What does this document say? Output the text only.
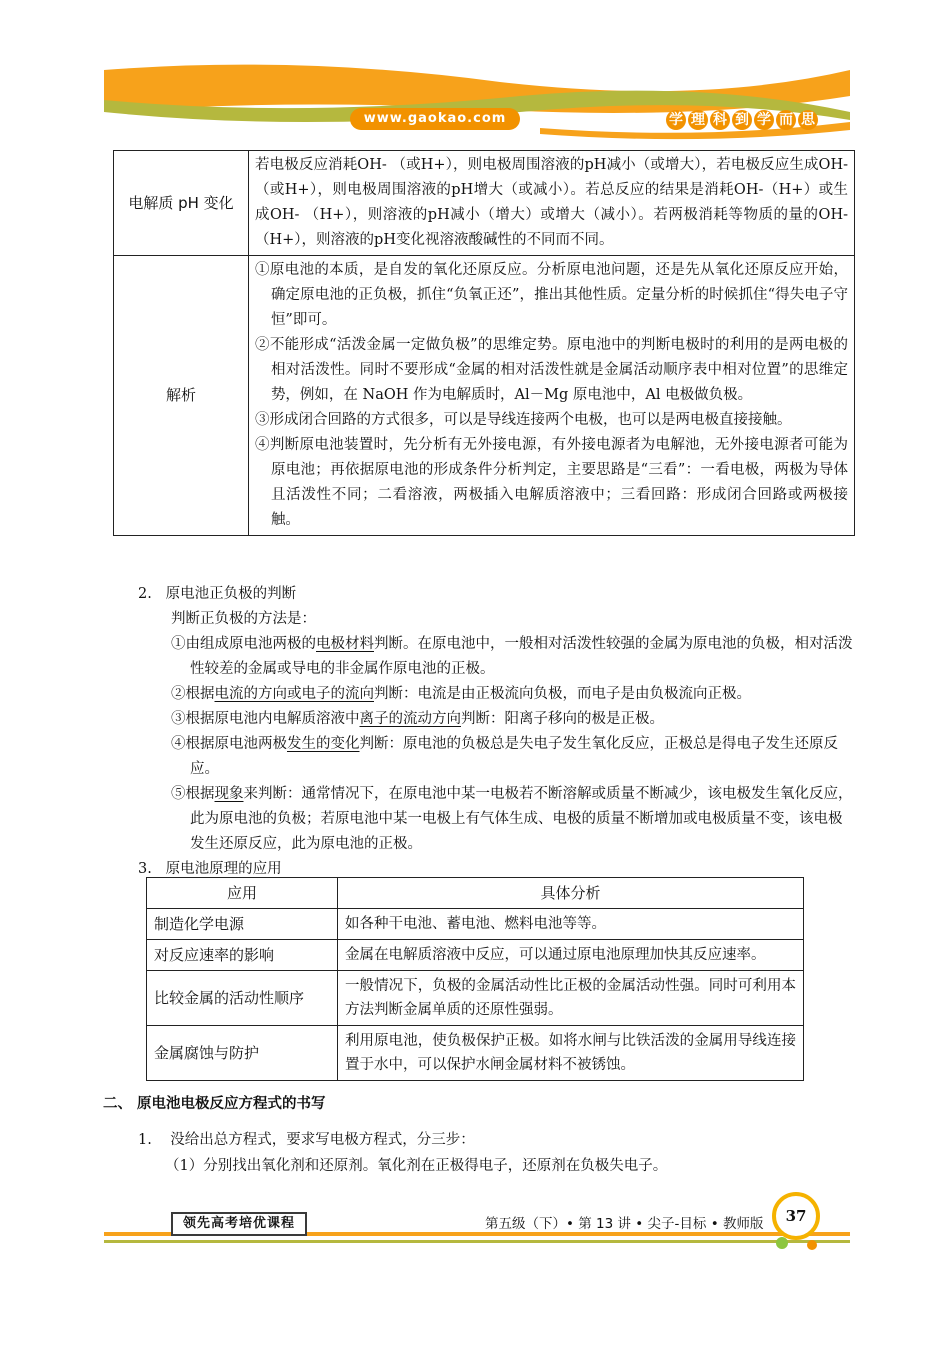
www.gaokao.com	学理科到学而思
电解质 pH 变化	若电极反应消耗OH- （或H+），则电极周围溶液的pH减小（或增大），若电极反应生成OH-（或H+），则电极周围溶液的pH增大（或减小）。若总反应的结果是消耗OH-（H+）或生成OH- （H+），则溶液的pH减小（增大）或增大（减小）。若两极消耗等物质的量的OH- （H+），则溶液的pH变化视溶液酸碱性的不同而不同。

解析	①原电池的本质，是自发的氧化还原反应。分析原电池问题，还是先从氧化还原反应开始，确定原电池的正负极，抓住“负氧正还”，推出其他性质。定量分析的时候抓住“得失电子守恒”即可。
②不能形成“活泼金属一定做负极”的思维定势。原电池中的判断电极时的利用的是两电极的相对活泼性。同时不要形成“金属的相对活泼性就是金属活动顺序表中相对位置”的思维定势，例如，在 NaOH 作为电解质时，Al－Mg 原电池中，Al 电极做负极。
③形成闭合回路的方式很多，可以是导线连接两个电极，也可以是两电极直接接触。
④判断原电池装置时，先分析有无外接电源，有外接电源者为电解池，无外接电源者可能为原电池；再依据原电池的形成条件分析判定，主要思路是“三看”：一看电极，两极为导体且活泼性不同；二看溶液，两极插入电解质溶液中；三看回路：形成闭合回路或两极接触。
2. 原电池正负极的判断
判断正负极的方法是：
①由组成原电池两极的电极材料判断。在原电池中，一般相对活泼性较强的金属为原电池的负极，相对活泼性较差的金属或导电的非金属作原电池的正极。
②根据电流的方向或电子的流向判断：电流是由正极流向负极，而电子是由负极流向正极。
③根据原电池内电解质溶液中离子的流动方向判断：阳离子移向的极是正极。
④根据原电池两极发生的变化判断：原电池的负极总是失电子发生氧化反应，正极总是得电子发生还原反应。
⑤根据现象来判断：通常情况下，在原电池中某一电极若不断溶解或质量不断减少，该电极发生氧化反应，此为原电池的负极；若原电池中某一电极上有气体生成、电极的质量不断增加或电极质量不变，该电极发生还原反应，此为原电池的正极。
3. 原电池原理的应用
应用	具体分析
制造化学电源	如各种干电池、蓄电池、燃料电池等等。
对反应速率的影响	金属在电解质溶液中反应，可以通过原电池原理加快其反应速率。
比较金属的活动性顺序	一般情况下，负极的金属活动性比正极的金属活动性强。同时可利用本方法判断金属单质的还原性强弱。
金属腐蚀与防护	利用原电池，使负极保护正极。如将水闸与比铁活泼的金属用导线连接置于水中，可以保护水闸金属材料不被锈蚀。
二、 原电池电极反应方程式的书写
1. 没给出总方程式，要求写电极方程式，分三步：
（1）分别找出氧化剂和还原剂。氧化剂在正极得电子，还原剂在负极失电子。
领先高考培优课程	第五级（下）• 第 13 讲 • 尖子-目标 • 教师版	37
